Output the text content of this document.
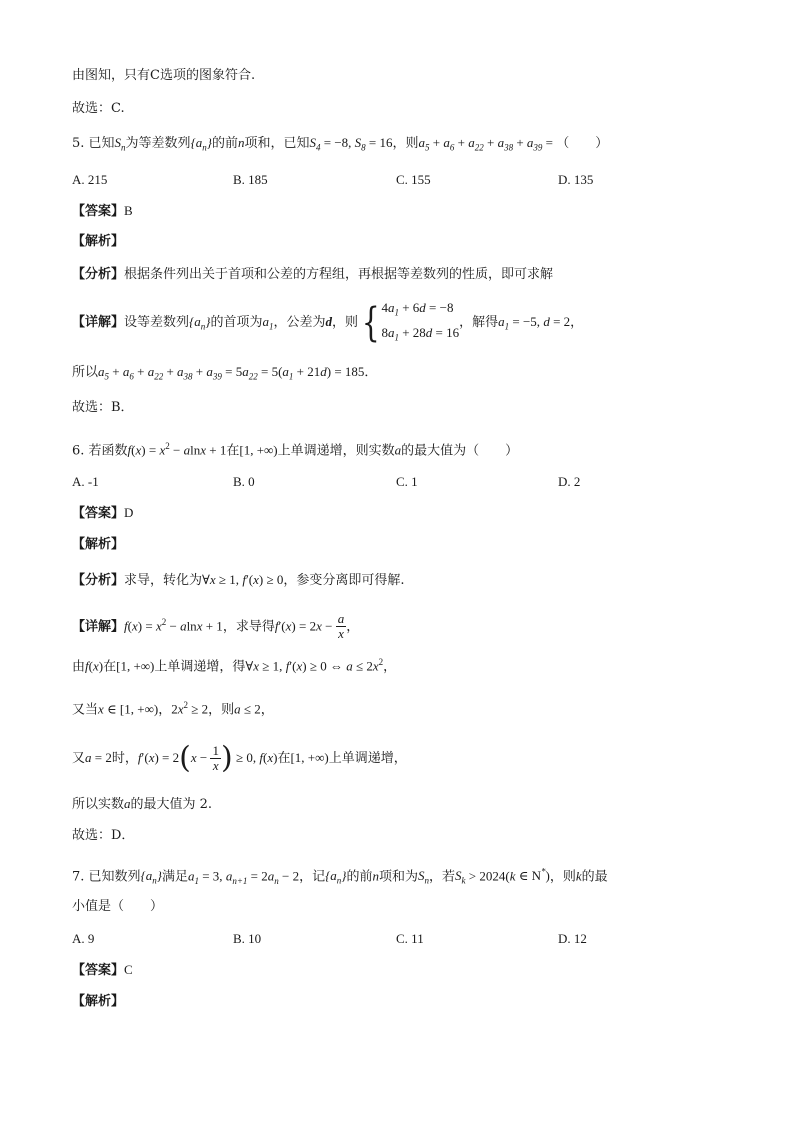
由图知，只有C选项的图象符合.
故选：C.
5. 已知$S_n$为等差数列$\{a_n\}$的前n项和，已知$S_4 = -8$, $S_8 = 16$，则$a_5 + a_6 + a_{22} + a_{38} + a_{39}$ = （　　）
A. 215	B. 185	C. 155	D. 135
【答案】B
【解析】
【分析】根据条件列出关于首项和公差的方程组，再根据等差数列的性质，即可求解
【详解】设等差数列$\{a_n\}$的首项为$a_1$，公差为d，则{ $4a_1 + 6d = -8$
$8a_1 + 28d = 16$，解得$a_1 = -5$, d = 2，
所以$a_5 + a_6 + a_{22} + a_{38} + a_{39} = 5a_{22} = 5(a_1 + 21d) = 185$．
故选：B．
6. 若函数$f(x) = x^2 - alnx + 1$在[1, +∞)上单调递增，则实数a的最大值为（　　）
A. -1	B. 0	C. 1	D. 2
【答案】D
【解析】
【分析】求导，转化为∀x ≥ 1, f′(x) ≥ 0，参变分离即可得解.
【详解】$f(x) = x^2 - alnx + 1$，求导得$f'(x) = 2x - \frac{a}{x}$ ，
由f(x)在[1, +∞)上单调递增，得∀x ≥ 1, f′(x) ≥ 0 ⇔ $a \le 2x^2$，
又当x ∈ [1, +∞)，$2x^2 \ge 2$，则a ≤ 2，
又a = 2时，$f'(x) = 2(x - \frac{1}{x}$ ) ≥ 0, f(x)在[1, +∞)上单调递增，
所以实数a的最大值为 2.
故选：D．
7. 已知数列$\{a_n\}$满足$a_1 = 3$, $a_{n+1} = 2a_n - 2$，记$\{a_n\}$的前n项和为$S_n$，若$S_k > 2024(k$ ∈ N*)，则k的最
小值是（　　）
A. 9	B. 10	C. 11	D. 12
【答案】C
【解析】
